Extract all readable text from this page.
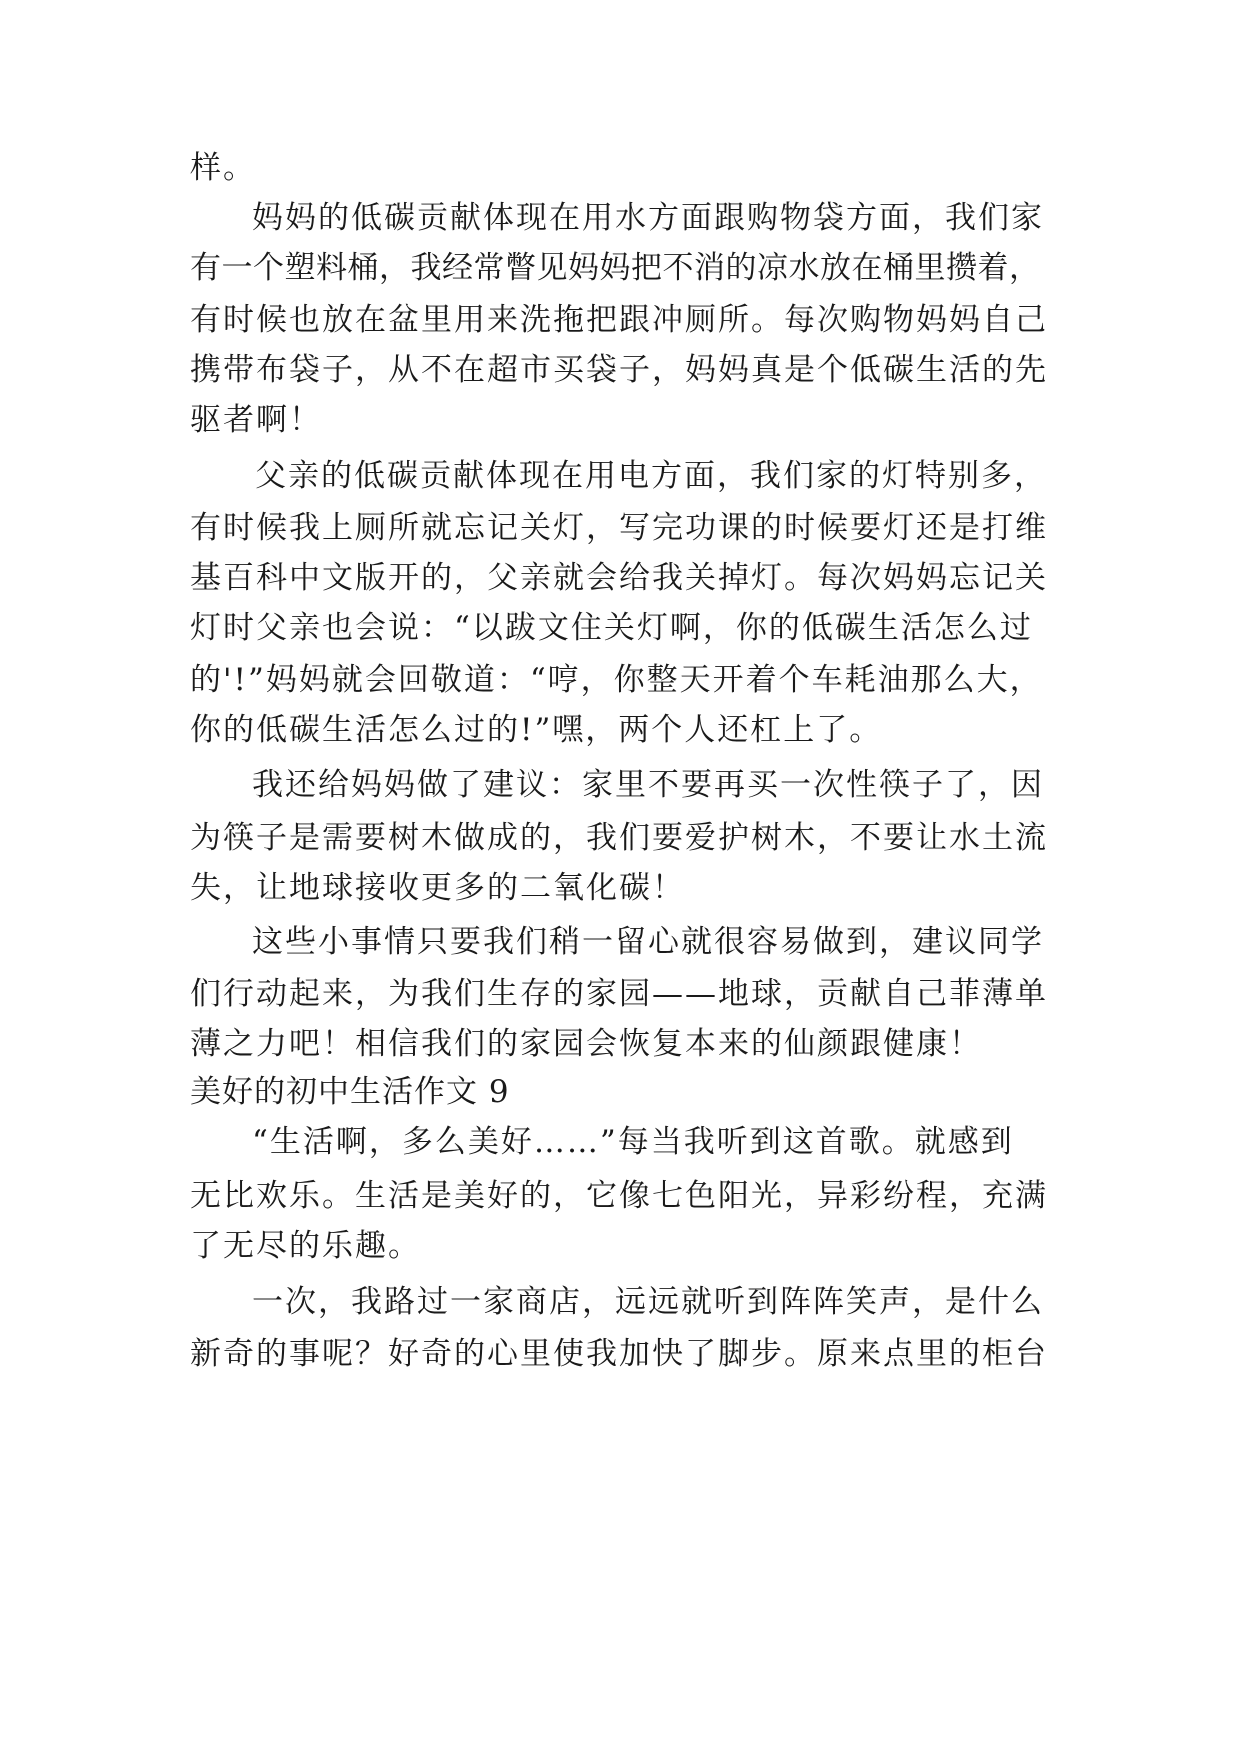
样。
妈妈的低碳贡献体现在用水方面跟购物袋方面，我们家
有一个塑料桶，我经常瞥见妈妈把不消的凉水放在桶里攒着，
有时候也放在盆里用来洗拖把跟冲厕所。每次购物妈妈自己
携带布袋子，从不在超市买袋子，妈妈真是个低碳生活的先
驱者啊！
父亲的低碳贡献体现在用电方面，我们家的灯特别多，
有时候我上厕所就忘记关灯，写完功课的时候要灯还是打维
基百科中文版开的，父亲就会给我关掉灯。每次妈妈忘记关
灯时父亲也会说：“以跋文住关灯啊，你的低碳生活怎么过
的'!”妈妈就会回敬道：“哼，你整天开着个车耗油那么大，
你的低碳生活怎么过的!”嘿，两个人还杠上了。
我还给妈妈做了建议：家里不要再买一次性筷子了，因
为筷子是需要树木做成的，我们要爱护树木，不要让水土流
失，让地球接收更多的二氧化碳！
这些小事情只要我们稍一留心就很容易做到，建议同学
们行动起来，为我们生存的家园——地球，贡献自己菲薄单
薄之力吧！相信我们的家园会恢复本来的仙颜跟健康！
美好的初中生活作文 9
“生活啊，多么美好……”每当我听到这首歌。就感到
无比欢乐。生活是美好的，它像七色阳光，异彩纷程，充满
了无尽的乐趣。
一次，我路过一家商店，远远就听到阵阵笑声，是什么
新奇的事呢？好奇的心里使我加快了脚步。原来点里的柜台
